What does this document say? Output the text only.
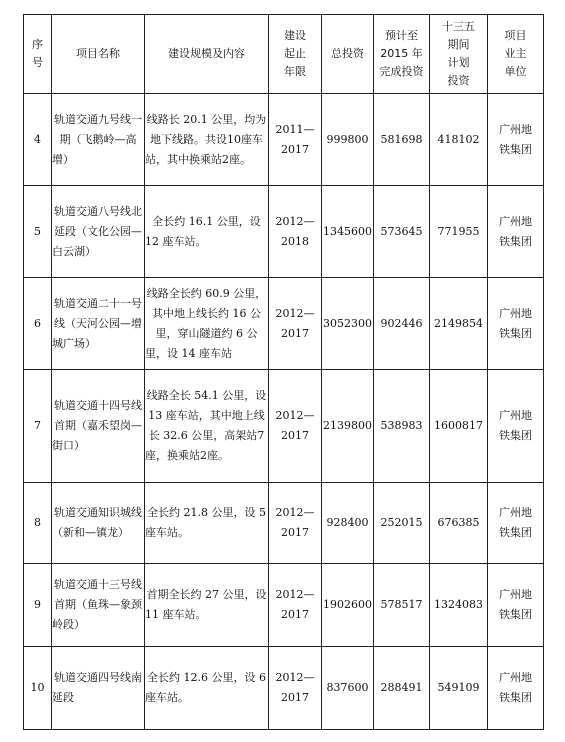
序
号	项目名称	建设规模及内容	建设
起止
年限	总投资	预计至
2015 年
完成投资	十三五
期间
计划
投资	项目
业主
单位
4	轨道交通九号线一期（飞鹅岭—高增）	线路长 20.1 公里，均为地下线路。共设10座车站，其中换乘站2座。	2011—
2017	999800	581698	418102	广州地
铁集团
5	轨道交通八号线北延段（文化公园—白云湖）	全长约 16.1 公里，设 12 座车站。	2012—
2018	1345600	573645	771955	广州地
铁集团
6	轨道交通二十一号线（天河公园—增城广场）	线路全长约 60.9 公里，其中地上线长约 16 公里，穿山隧道约 6 公里，设 14 座车站	2012—
2017	3052300	902446	2149854	广州地
铁集团
7	轨道交通十四号线首期（嘉禾望岗—街口）	线路全长 54.1 公里，设 13 座车站，其中地上线长 32.6 公里，高架站7座，换乘站2座。	2012—
2017	2139800	538983	1600817	广州地
铁集团
8	轨道交通知识城线（新和—镇龙）	全长约 21.8 公里，设 5 座车站。	2012—
2017	928400	252015	676385	广州地
铁集团
9	轨道交通十三号线首期（鱼珠—象颈岭段）	首期全长约 27 公里，设 11 座车站。	2012—
2017	1902600	578517	1324083	广州地
铁集团
10	轨道交通四号线南延段	全长约 12.6 公里，设 6 座车站。	2012—
2017	837600	288491	549109	广州地
铁集团
